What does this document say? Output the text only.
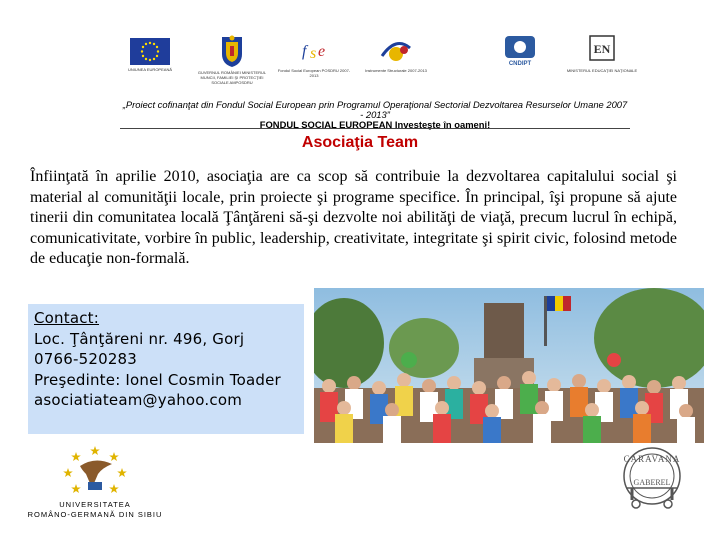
UNIUNEA EUROPEANĂ
GUVERNUL ROMÂNIEI MINISTERUL MUNCII, FAMILIEI ŞI PROTECŢIEI SOCIALE AMPOSDRU
f s e
Fondul Social European POSDRU 2007-2013
Instrumente Structurale 2007-2013
CNDIPT
EN
MINISTERUL EDUCAŢIEI NAŢIONALE
„Proiect cofinanţat din Fondul Social European prin Programul Operaţional Sectorial Dezvoltarea Resurselor Umane 2007 - 2013”
FONDUL SOCIAL EUROPEAN Investeşte în oameni!
Asociaţia Team
Înfiinţată în aprilie 2010, asociaţia are ca scop să contribuie la dezvoltarea capitalului social şi material al comunităţii locale, prin proiecte şi programe specifice. În principal, îşi propune să ajute tinerii din comunitatea locală Ţânţăreni să-şi dezvolte noi abilităţi de viaţă, precum lucrul în echipă, comunicativitate, vorbire în public, leadership, creativitate, integritate şi spirit civic, folosind metode de educaţie non-formală.
Contact:
Loc. Ţânţăreni nr. 496, Gorj
0766-520283
Preşedinte: Ionel Cosmin Toader
asociatiateam@yahoo.com
UNIVERSITATEA
ROMÂNO-GERMANĂ DIN SIBIU
CARAVANA
GABEREL
